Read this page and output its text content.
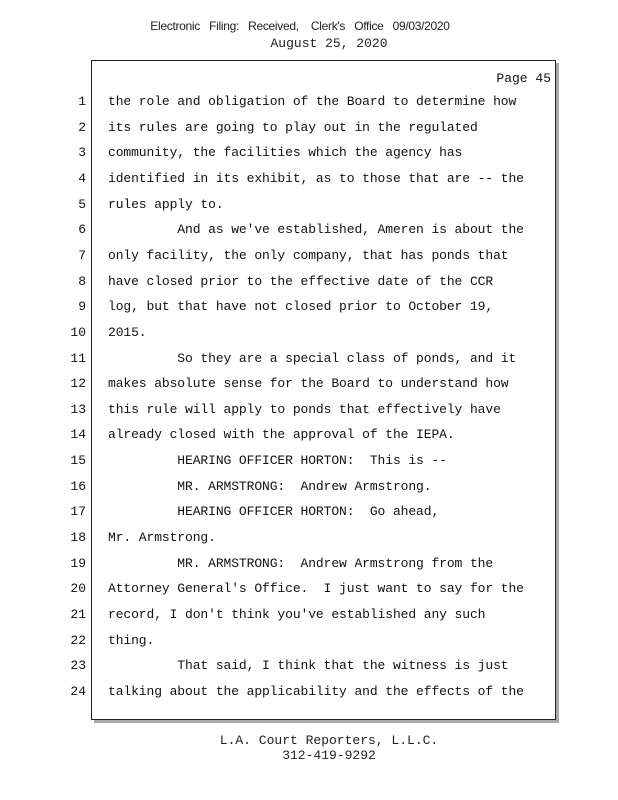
Electronic   Filing:   Received,    Clerk's   Office   09/03/2020
August 25, 2020
Page 45
1 the role and obligation of the Board to determine how
2 its rules are going to play out in the regulated
3 community, the facilities which the agency has
4 identified in its exhibit, as to those that are -- the
5 rules apply to.
6 And as we've established, Ameren is about the
7 only facility, the only company, that has ponds that
8 have closed prior to the effective date of the CCR
9 log, but that have not closed prior to October 19,
10 2015.
11 So they are a special class of ponds, and it
12 makes absolute sense for the Board to understand how
13 this rule will apply to ponds that effectively have
14 already closed with the approval of the IEPA.
15 HEARING OFFICER HORTON:  This is --
16 MR. ARMSTRONG:  Andrew Armstrong.
17 HEARING OFFICER HORTON:  Go ahead,
18 Mr. Armstrong.
19 MR. ARMSTRONG:  Andrew Armstrong from the
20 Attorney General's Office.  I just want to say for the
21 record, I don't think you've established any such
22 thing.
23 That said, I think that the witness is just
24 talking about the applicability and the effects of the
L.A. Court Reporters, L.L.C.
312-419-9292
